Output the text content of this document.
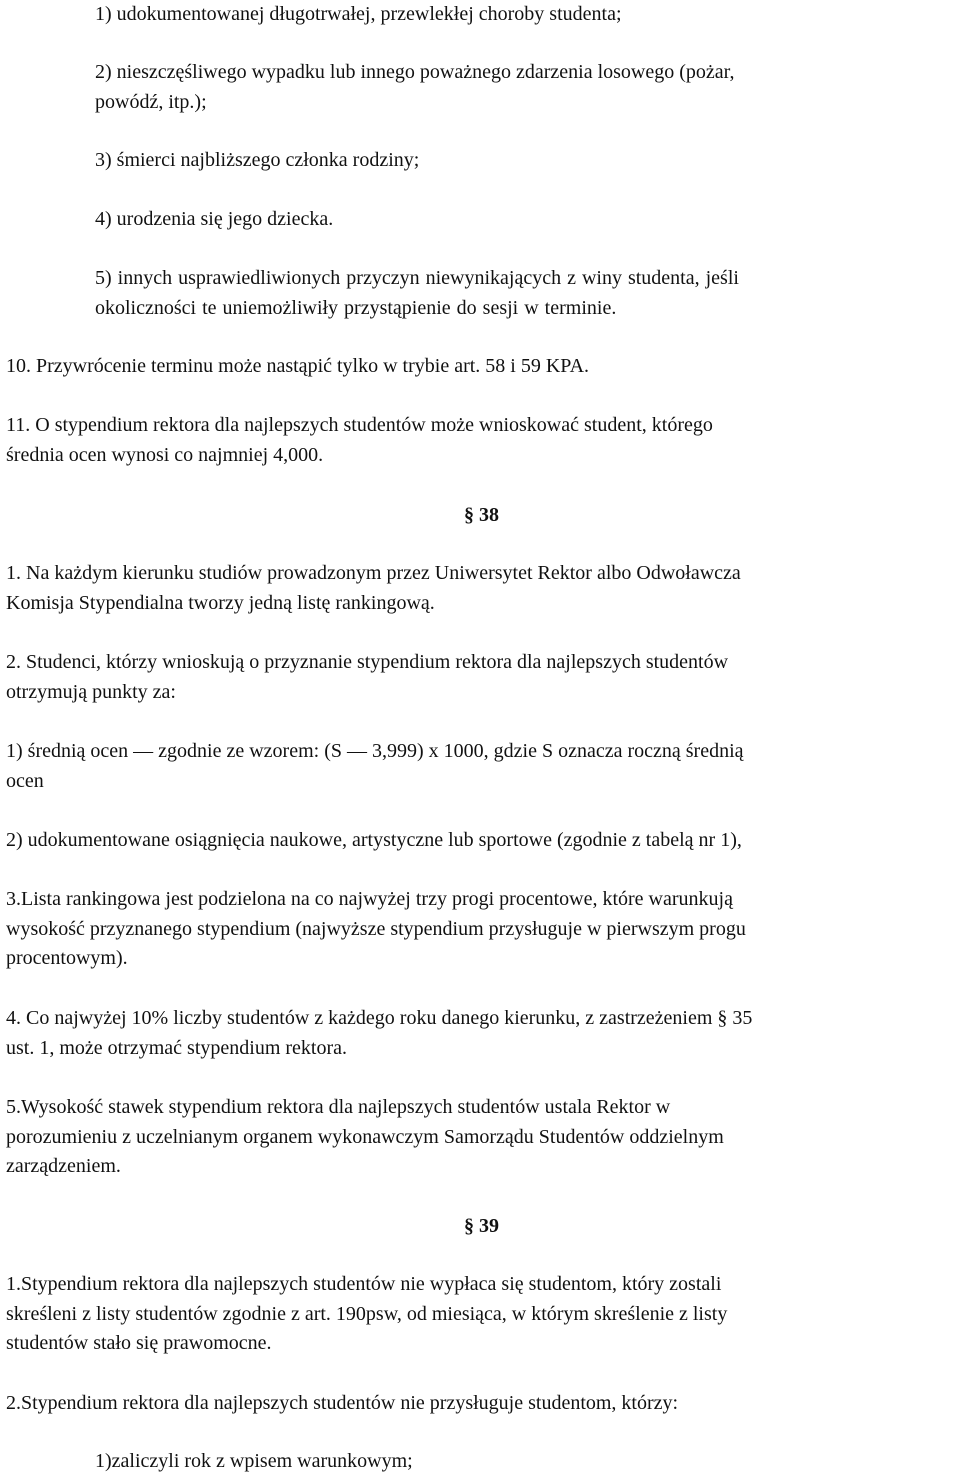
1) udokumentowanej długotrwałej, przewlekłej choroby studenta;

2) nieszczęśliwego wypadku lub innego poważnego zdarzenia losowego (pożar,
powódź, itp.);

3) śmierci najbliższego członka rodziny;

4) urodzenia się jego dziecka.

5) innych usprawiedliwionych przyczyn niewynikających z winy studenta, jeśli
okoliczności te uniemożliwiły przystąpienie do sesji w terminie.

10. Przywrócenie terminu może nastąpić tylko w trybie art. 58 i 59 KPA.

11. O stypendium rektora dla najlepszych studentów może wnioskować student, którego
średnia ocen wynosi co najmniej 4,000.

§ 38

1. Na każdym kierunku studiów prowadzonym przez Uniwersytet Rektor albo Odwoławcza
Komisja Stypendialna tworzy jedną listę rankingową.

2. Studenci, którzy wnioskują o przyznanie stypendium rektora dla najlepszych studentów
otrzymują punkty za:

1) średnią ocen — zgodnie ze wzorem: (S — 3,999) x 1000, gdzie S oznacza roczną średnią
ocen

2) udokumentowane osiągnięcia naukowe, artystyczne lub sportowe (zgodnie z tabelą nr 1),

3.Lista rankingowa jest podzielona na co najwyżej trzy progi procentowe, które warunkują
wysokość przyznanego stypendium (najwyższe stypendium przysługuje w pierwszym progu
procentowym).

4. Co najwyżej 10% liczby studentów z każdego roku danego kierunku, z zastrzeżeniem § 35
ust. 1, może otrzymać stypendium rektora.

5.Wysokość stawek stypendium rektora dla najlepszych studentów ustala Rektor w
porozumieniu z uczelnianym organem wykonawczym Samorządu Studentów oddzielnym
zarządzeniem.

§ 39

1.Stypendium rektora dla najlepszych studentów nie wypłaca się studentom, który zostali
skreśleni z listy studentów zgodnie z art. 190psw, od miesiąca, w którym skreślenie z listy
studentów stało się prawomocne.

2.Stypendium rektora dla najlepszych studentów nie przysługuje studentom, którzy:

1)zaliczyli rok z wpisem warunkowym;
